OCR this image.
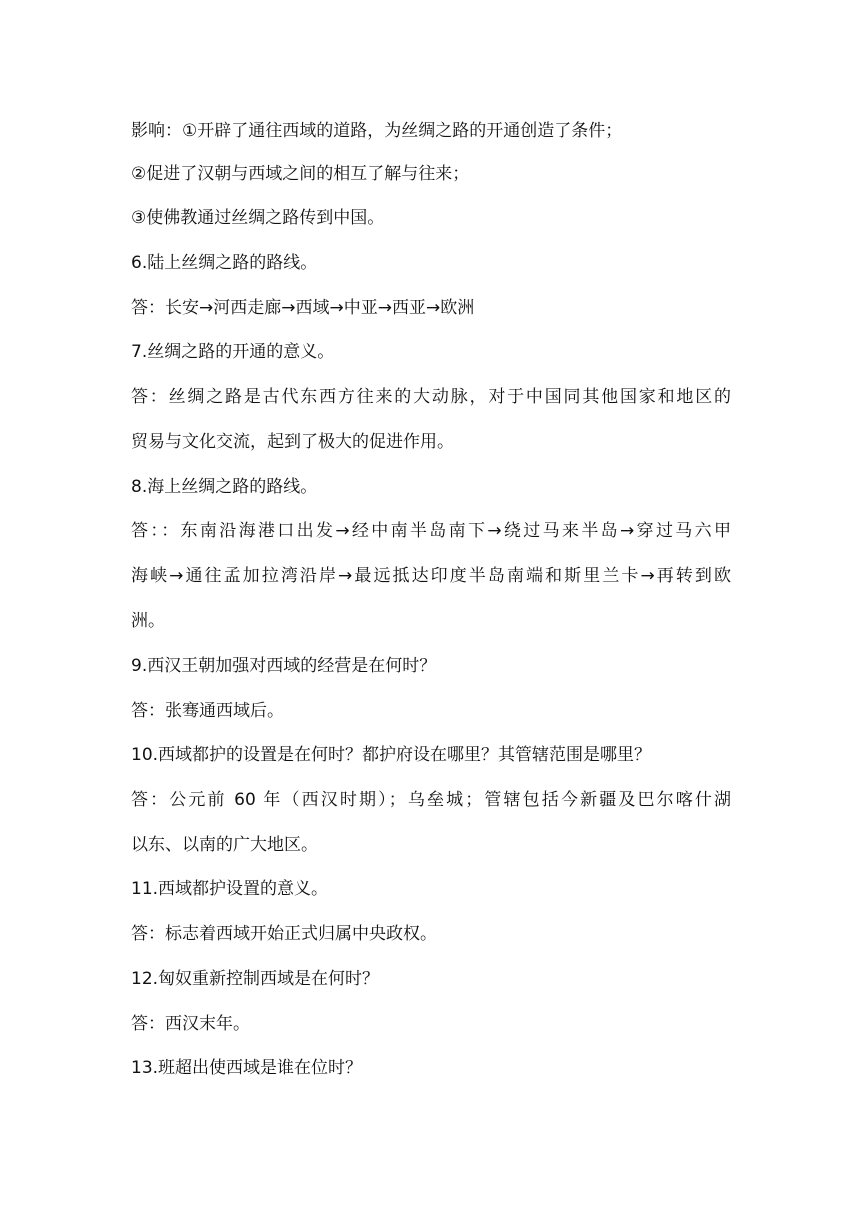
影响：①开辟了通往西域的道路，为丝绸之路的开通创造了条件；
②促进了汉朝与西域之间的相互了解与往来；
③使佛教通过丝绸之路传到中国。
6.陆上丝绸之路的路线。
答：长安→河西走廊→西域→中亚→西亚→欧洲
7.丝绸之路的开通的意义。
答：丝绸之路是古代东西方往来的大动脉，对于中国同其他国家和地区的
贸易与文化交流，起到了极大的促进作用。
8.海上丝绸之路的路线。
答：：东南沿海港口出发→经中南半岛南下→绕过马来半岛→穿过马六甲
海峡→通往孟加拉湾沿岸→最远抵达印度半岛南端和斯里兰卡→再转到欧
洲。
9.西汉王朝加强对西域的经营是在何时？
答：张骞通西域后。
10.西域都护的设置是在何时？都护府设在哪里？其管辖范围是哪里？
答：公元前 60 年（西汉时期）；乌垒城；管辖包括今新疆及巴尔喀什湖
以东、以南的广大地区。
11.西域都护设置的意义。
答：标志着西域开始正式归属中央政权。
12.匈奴重新控制西域是在何时？
答：西汉末年。
13.班超出使西域是谁在位时？
